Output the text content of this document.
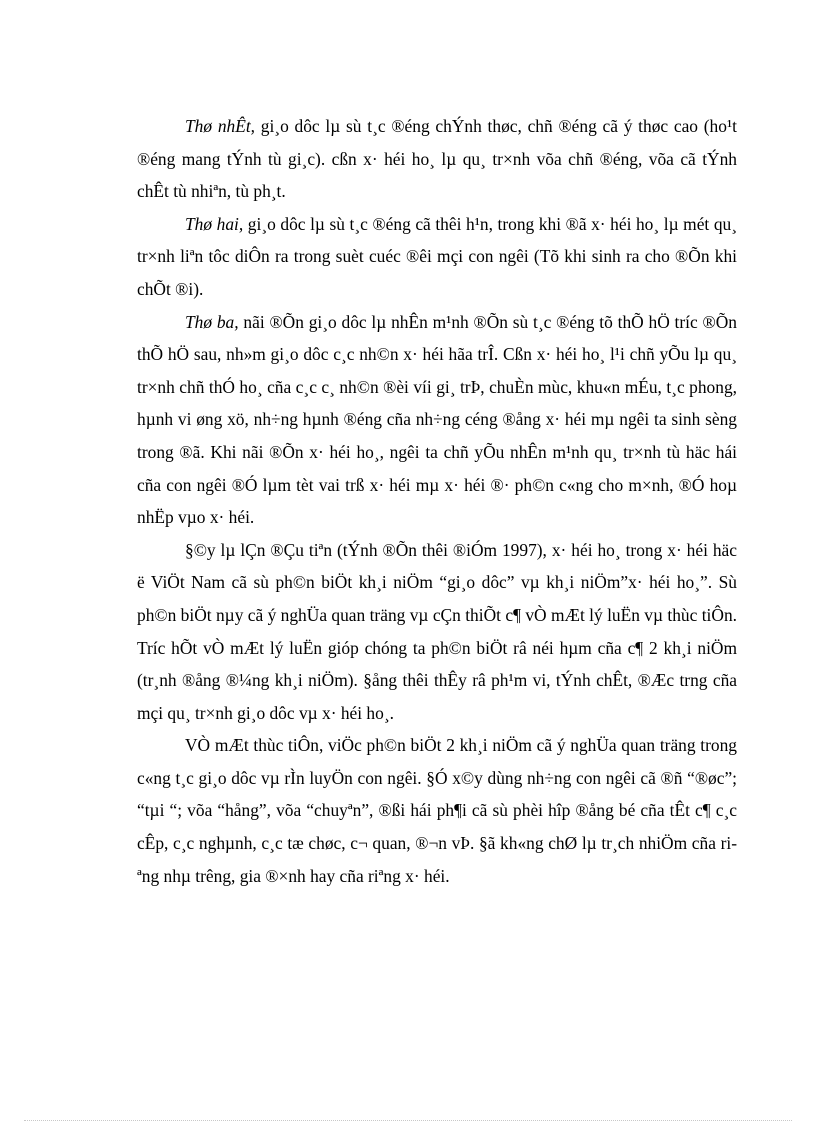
Thø nhÊt, gi¸o dôc lµ sù t¸c ®éng chÝnh thøc, chñ ®éng cã ý thøc cao (ho¹t ®éng mang tÝnh tù gi¸c). cßn x· héi ho¸ lµ qu¸ tr×nh võa chñ ®éng, võa cã tÝnh chÊt tù nhiªn, tù ph¸t.

Thø hai, gi¸o dôc lµ sù t¸c ®éng cã thêi h¹n, trong khi ®ã x· héi ho¸ lµ mét qu¸ tr×nh liªn tôc diÔn ra trong suèt cuéc ®êi mçi con ngêi (Tõ khi sinh ra cho ®Õn khi chÕt ®i).

Thø ba, nãi ®Õn gi¸o dôc lµ nhÊn m¹nh ®Õn sù t¸c ®éng tõ thÕ hÖ tríc ®Õn thÕ hÖ sau, nh»m gi¸o dôc c¸c nh©n x· héi hãa trÎ. Cßn x· héi ho¸ l¹i chñ yÕu lµ qu¸ tr×nh chñ thÓ ho¸ cña c¸c c¸ nh©n ®èi víi gi¸ trÞ, chuÈn mùc, khu«n mÉu, t¸c phong, hµnh vi øng xö, nh÷ng hµnh ®éng cña nh÷ng céng ®ång x· héi mµ ngêi ta sinh sèng trong ®ã. Khi nãi ®Õn x· héi ho¸, ngêi ta chñ yÕu nhÊn m¹nh qu¸ tr×nh tù häc hái cña con ngêi ®Ó lµm tèt vai trß x· héi mµ x· héi ®· ph©n c«ng cho m×nh, ®Ó hoµ nhËp vµo x· héi.

§©y lµ lÇn ®Çu tiªn (tÝnh ®Õn thêi ®iÓm 1997), x· héi ho¸ trong x· héi häc ë ViÖt Nam cã sù ph©n biÖt kh¸i niÖm “gi¸o dôc” vµ kh¸i niÖm”x· héi ho¸”. Sù ph©n biÖt nµy cã ý nghÜa quan träng vµ cÇn thiÕt c¶ vÒ mÆt lý luËn vµ thùc tiÔn. Tríc hÕt vÒ mÆt lý luËn gióp chóng ta ph©n biÖt râ néi hµm cña c¶ 2 kh¸i niÖm (tr¸nh ®ång ®¼ng kh¸i niÖm). §ång thêi thÊy râ ph¹m vi, tÝnh chÊt, ®Æc trng cña mçi qu¸ tr×nh gi¸o dôc vµ x· héi ho¸.

VÒ mÆt thùc tiÔn, viÖc ph©n biÖt 2 kh¸i niÖm cã ý nghÜa quan träng trong c«ng t¸c gi¸o dôc vµ rÌn luyÖn con ngêi. §Ó x©y dùng nh÷ng con ngêi cã ®ñ “®øc”; “tµi “; võa “hång”, võa “chuyªn”, ®ßi hái ph¶i cã sù phèi hîp ®ång bé cña tÊt c¶ c¸c cÊp, c¸c nghµnh, c¸c tæ chøc, c¬ quan, ®¬n vÞ. §ã kh«ng chØ lµ tr¸ch nhiÖm cña riªng nhµ trêng, gia ®×nh hay cña riªng x· héi.
